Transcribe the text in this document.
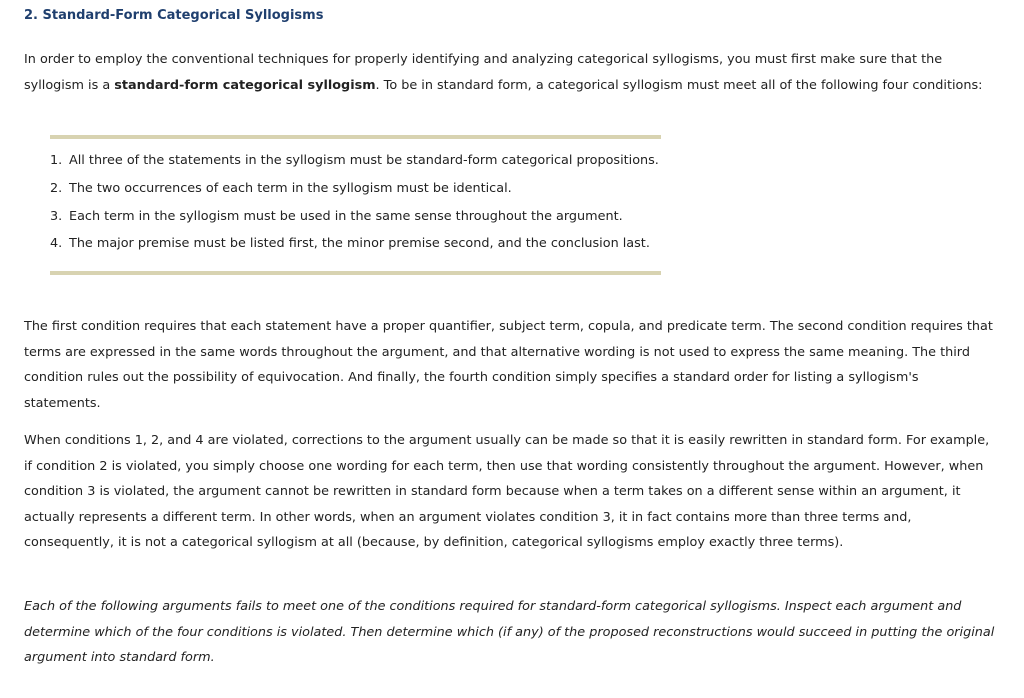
2. Standard-Form Categorical Syllogisms

In order to employ the conventional techniques for properly identifying and analyzing categorical syllogisms, you must first make sure that the syllogism is a standard-form categorical syllogism. To be in standard form, a categorical syllogism must meet all of the following four conditions:

1. All three of the statements in the syllogism must be standard-form categorical propositions.
2. The two occurrences of each term in the syllogism must be identical.
3. Each term in the syllogism must be used in the same sense throughout the argument.
4. The major premise must be listed first, the minor premise second, and the conclusion last.

The first condition requires that each statement have a proper quantifier, subject term, copula, and predicate term. The second condition requires that terms are expressed in the same words throughout the argument, and that alternative wording is not used to express the same meaning. The third condition rules out the possibility of equivocation. And finally, the fourth condition simply specifies a standard order for listing a syllogism's statements.

When conditions 1, 2, and 4 are violated, corrections to the argument usually can be made so that it is easily rewritten in standard form. For example, if condition 2 is violated, you simply choose one wording for each term, then use that wording consistently throughout the argument. However, when condition 3 is violated, the argument cannot be rewritten in standard form because when a term takes on a different sense within an argument, it actually represents a different term. In other words, when an argument violates condition 3, it in fact contains more than three terms and, consequently, it is not a categorical syllogism at all (because, by definition, categorical syllogisms employ exactly three terms).

Each of the following arguments fails to meet one of the conditions required for standard-form categorical syllogisms. Inspect each argument and determine which of the four conditions is violated. Then determine which (if any) of the proposed reconstructions would succeed in putting the original argument into standard form.
